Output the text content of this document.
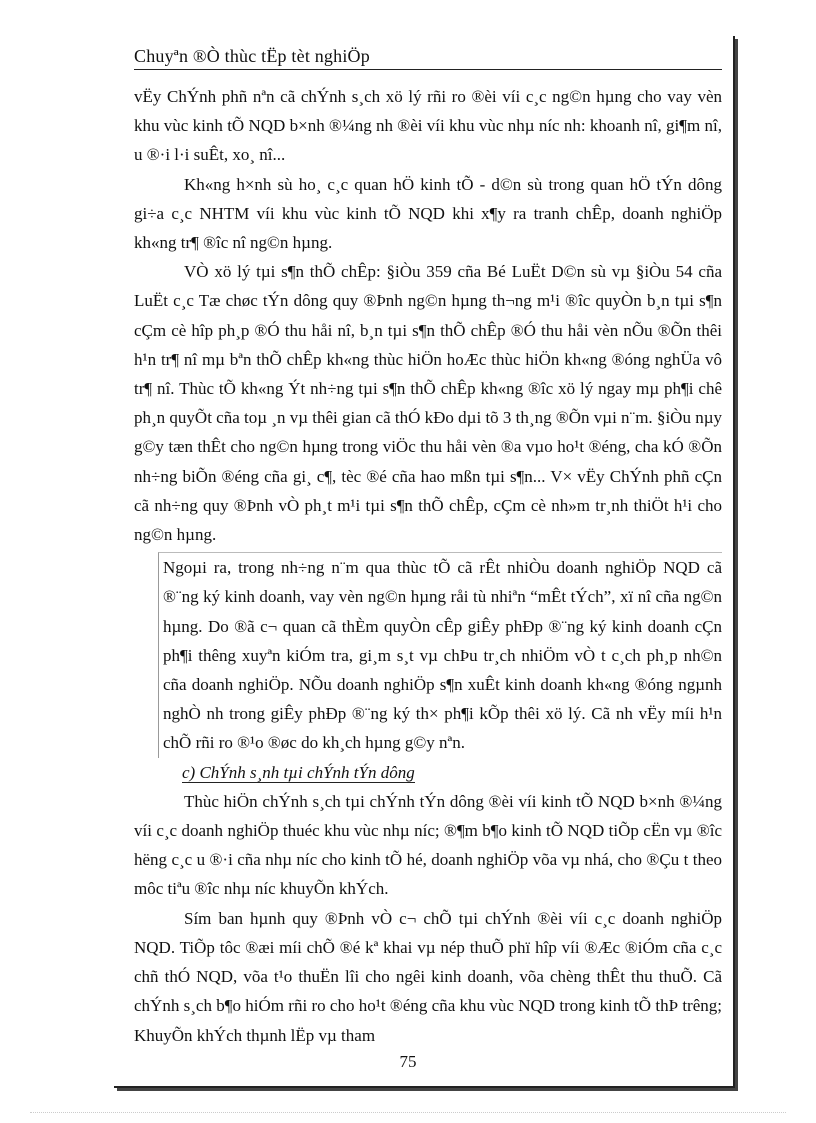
Chuyªn ®Ò thùc tËp tèt nghiÖp

vËy ChÝnh phñ nªn cã chÝnh s¸ch xö lý rñi ro ®èi víi c¸c ng©n hµng cho vay vèn khu vùc kinh tÕ NQD b×nh ®¼ng nh ®èi víi khu vùc nhµ níc nh: khoanh nî, gi¶m nî, u ®·i l·i suÊt, xo¸ nî...

Kh«ng h×nh sù ho¸ c¸c quan hÖ kinh tÕ - d©n sù trong quan hÖ tÝn dông gi÷a c¸c NHTM víi khu vùc kinh tÕ NQD khi x¶y ra tranh chÊp, doanh nghiÖp kh«ng tr¶ ®îc nî ng©n hµng.

VÒ xö lý tµi s¶n thÕ chÊp: §iÒu 359 cña Bé LuËt D©n sù vµ §iÒu 54 cña LuËt c¸c Tæ chøc tÝn dông quy ®Þnh ng©n hµng th¬ng m¹i ®îc quyÒn b¸n tµi s¶n cÇm cè hîp ph¸p ®Ó thu håi nî, b¸n tµi s¶n thÕ chÊp ®Ó thu håi vèn nÕu ®Õn thêi h¹n tr¶ nî mµ bªn thÕ chÊp kh«ng thùc hiÖn hoÆc thùc hiÖn kh«ng ®óng nghÜa vô tr¶ nî. Thùc tÕ kh«ng Ýt nh÷ng tµi s¶n thÕ chÊp kh«ng ®îc xö lý ngay mµ ph¶i chê ph¸n quyÕt cña toµ ¸n vµ thêi gian cã thÓ kÐo dµi tõ 3 th¸ng ®Õn vµi n¨m. §iÒu nµy g©y tæn thÊt cho ng©n hµng trong viÖc thu håi vèn ®a vµo ho¹t ®éng, cha kÓ ®Õn nh÷ng biÕn ®éng cña gi¸ c¶, tèc ®é cña hao mßn tµi s¶n... V× vËy ChÝnh phñ cÇn cã nh÷ng quy ®Þnh vÒ ph¸t m¹i tµi s¶n thÕ chÊp, cÇm cè nh»m tr¸nh thiÖt h¹i cho ng©n hµng.

Ngoµi ra, trong nh÷ng n¨m qua thùc tÕ cã rÊt nhiÒu doanh nghiÖp NQD cã ®¨ng ký kinh doanh, vay vèn ng©n hµng råi tù nhiªn “mÊt tÝch”, xï nî cña ng©n hµng. Do ®ã c¬ quan cã thÈm quyÒn cÊp giÊy phÐp ®¨ng ký kinh doanh cÇn ph¶i thêng xuyªn kiÓm tra, gi¸m s¸t vµ chÞu tr¸ch nhiÖm vÒ t c¸ch ph¸p nh©n cña doanh nghiÖp. NÕu doanh nghiÖp s¶n xuÊt kinh doanh kh«ng ®óng ngµnh nghÒ nh trong giÊy phÐp ®¨ng ký th× ph¶i kÕp thêi xö lý. Cã nh vËy míi h¹n chÕ rñi ro ®¹o ®øc do kh¸ch hµng g©y nªn.

c) ChÝnh s¸nh tµi chÝnh tÝn dông

Thùc hiÖn chÝnh s¸ch tµi chÝnh tÝn dông ®èi víi kinh tÕ NQD b×nh ®¼ng víi c¸c doanh nghiÖp thuéc khu vùc nhµ níc; ®¶m b¶o kinh tÕ NQD tiÕp cËn vµ ®îc hëng c¸c u ®·i cña nhµ níc cho kinh tÕ hé, doanh nghiÖp võa vµ nhá, cho ®Çu t theo môc tiªu ®îc nhµ níc khuyÕn khÝch.

Sím ban hµnh quy ®Þnh vÒ c¬ chÕ tµi chÝnh ®èi víi c¸c doanh nghiÖp NQD. TiÕp tôc ®æi míi chÕ ®é kª khai vµ nép thuÕ phï hîp víi ®Æc ®iÓm cña c¸c chñ thÓ NQD, võa t¹o thuËn lîi cho ngêi kinh doanh, võa chèng thÊt thu thuÕ. Cã chÝnh s¸ch b¶o hiÓm rñi ro cho ho¹t ®éng cña khu vùc NQD trong kinh tÕ thÞ trêng; KhuyÕn khÝch thµnh lËp vµ tham

75
